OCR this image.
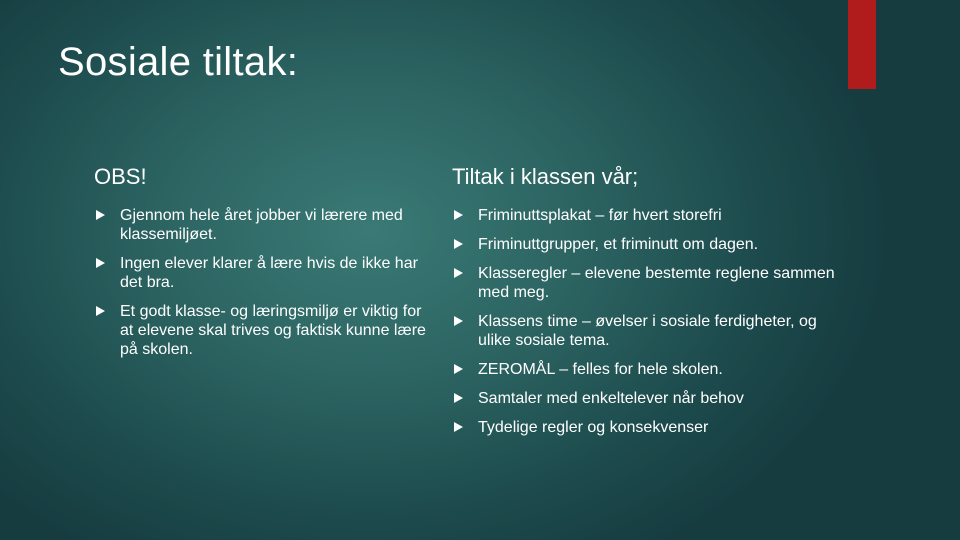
Sosiale tiltak:
OBS!
Gjennom hele året jobber vi lærere med klassemiljøet.
Ingen elever klarer å lære hvis de ikke har det bra.
Et godt klasse- og læringsmiljø er viktig for at elevene skal trives og faktisk kunne lære på skolen.
Tiltak i klassen vår;
Friminuttsplakat – før hvert storefri
Friminuttgrupper, et friminutt om dagen.
Klasseregler – elevene bestemte reglene sammen med meg.
Klassens time – øvelser i sosiale ferdigheter, og ulike sosiale tema.
ZEROMÅL – felles for hele skolen.
Samtaler med enkeltelever når behov
Tydelige regler og konsekvenser
